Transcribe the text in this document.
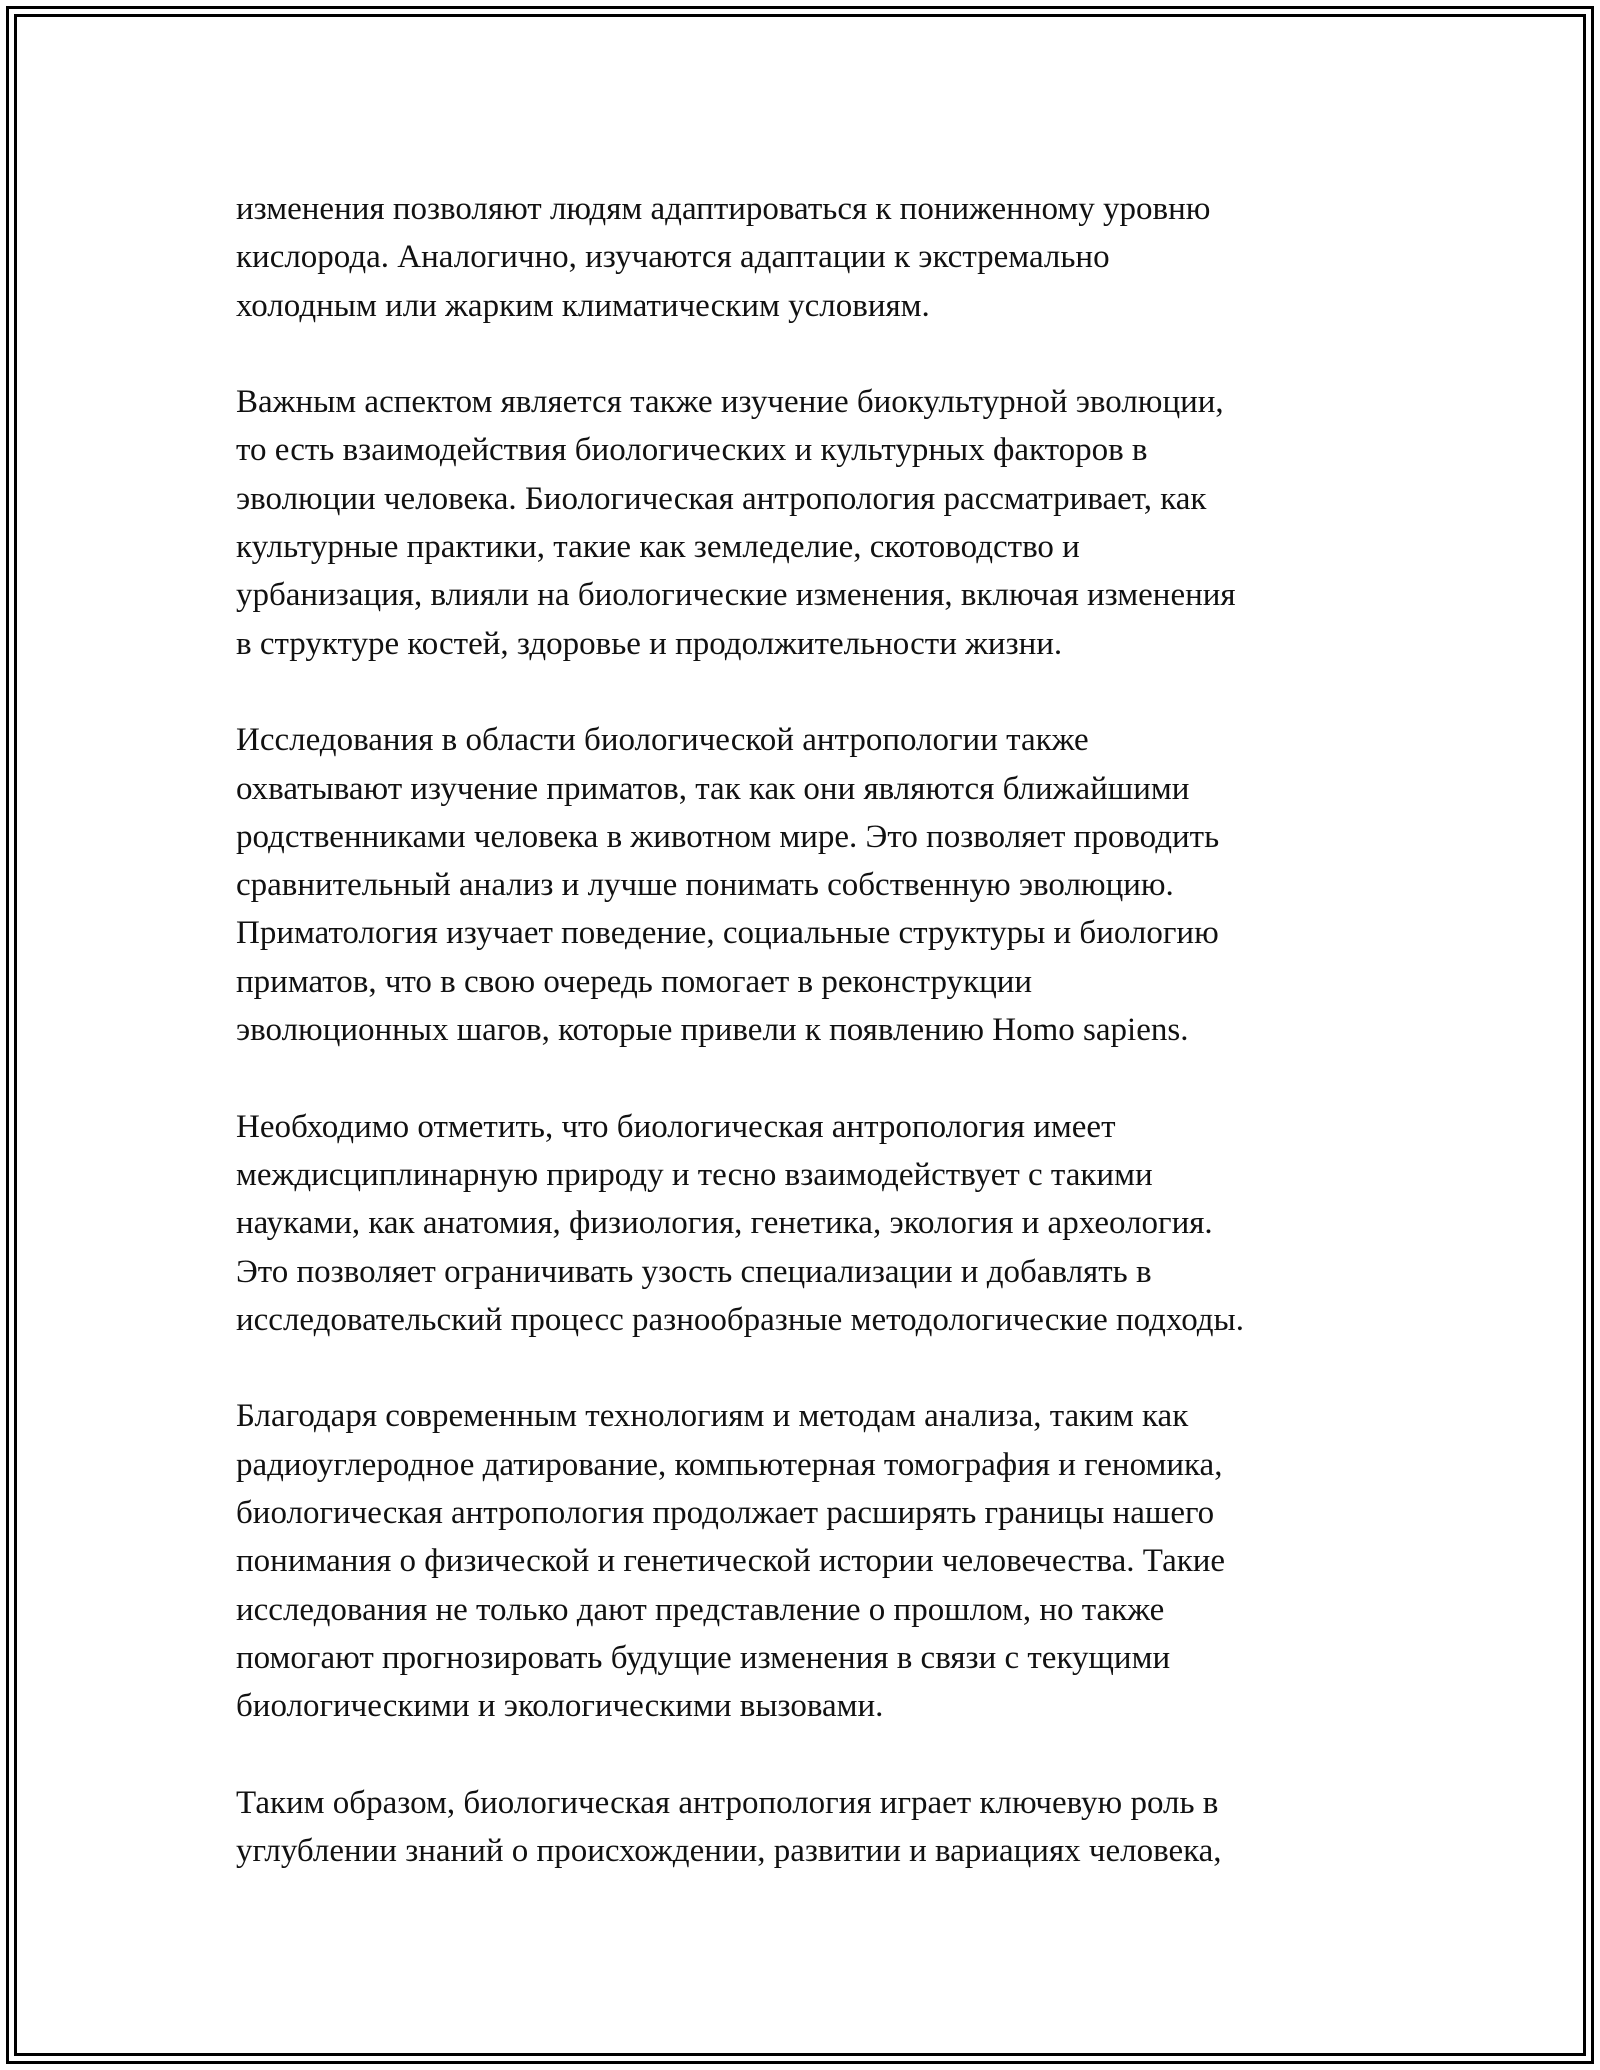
изменения позволяют людям адаптироваться к пониженному уровню
кислорода. Аналогично, изучаются адаптации к экстремально
холодным или жарким климатическим условиям.

Важным аспектом является также изучение биокультурной эволюции,
то есть взаимодействия биологических и культурных факторов в
эволюции человека. Биологическая антропология рассматривает, как
культурные практики, такие как земледелие, скотоводство и
урбанизация, влияли на биологические изменения, включая изменения
в структуре костей, здоровье и продолжительности жизни.

Исследования в области биологической антропологии также
охватывают изучение приматов, так как они являются ближайшими
родственниками человека в животном мире. Это позволяет проводить
сравнительный анализ и лучше понимать собственную эволюцию.
Приматология изучает поведение, социальные структуры и биологию
приматов, что в свою очередь помогает в реконструкции
эволюционных шагов, которые привели к появлению Homo sapiens.

Необходимо отметить, что биологическая антропология имеет
междисциплинарную природу и тесно взаимодействует с такими
науками, как анатомия, физиология, генетика, экология и археология.
Это позволяет ограничивать узость специализации и добавлять в
исследовательский процесс разнообразные методологические подходы.

Благодаря современным технологиям и методам анализа, таким как
радиоуглеродное датирование, компьютерная томография и геномика,
биологическая антропология продолжает расширять границы нашего
понимания о физической и генетической истории человечества. Такие
исследования не только дают представление о прошлом, но также
помогают прогнозировать будущие изменения в связи с текущими
биологическими и экологическими вызовами.

Таким образом, биологическая антропология играет ключевую роль в
углублении знаний о происхождении, развитии и вариациях человека,
